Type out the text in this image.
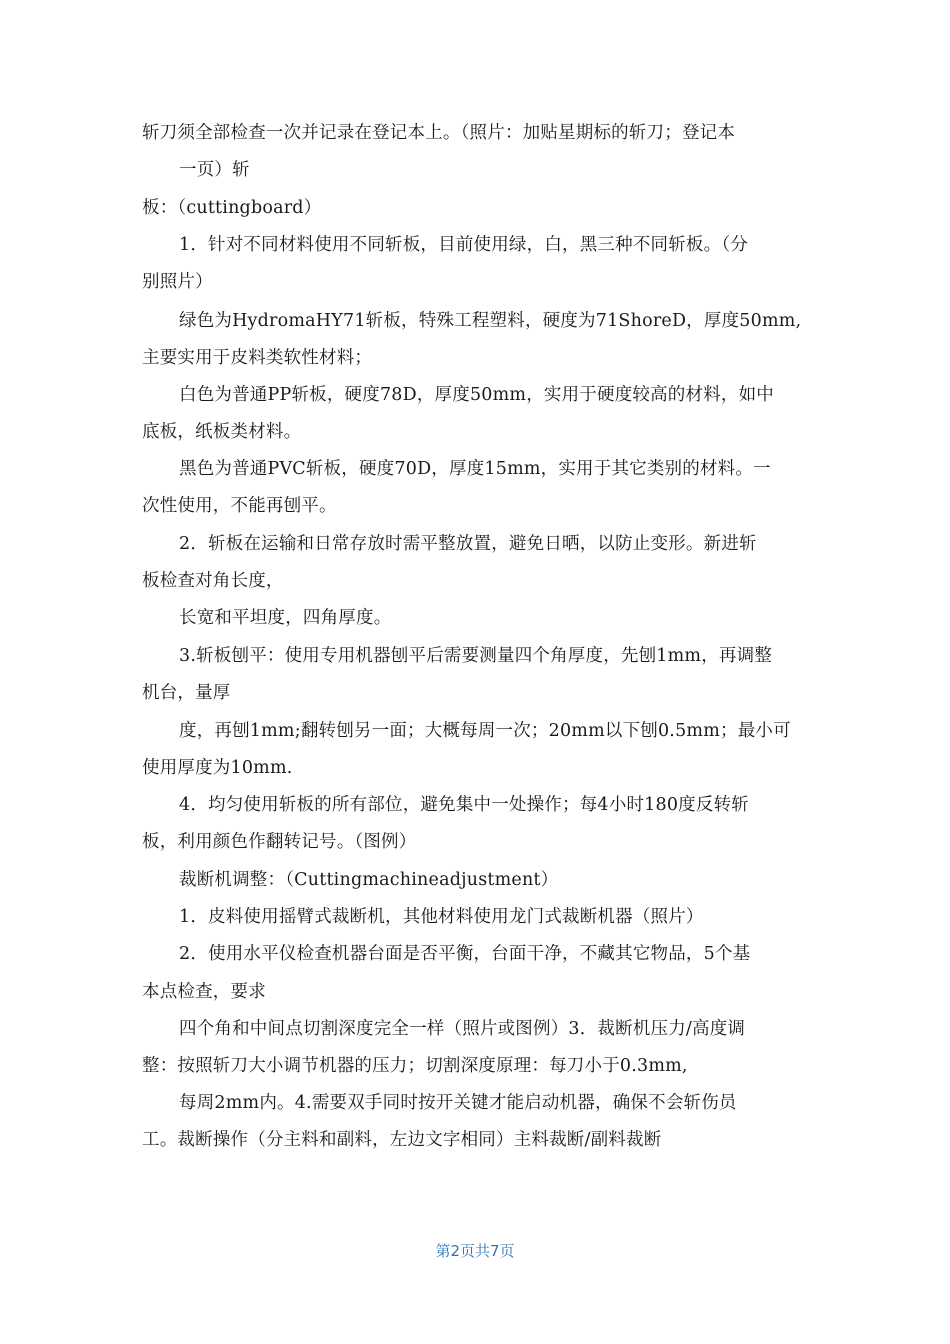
斩刀须全部检查一次并记录在登记本上。（照片：加贴星期标的斩刀；登记本
一页）斩
板：（cuttingboard）
1．针对不同材料使用不同斩板，目前使用绿，白，黑三种不同斩板。（分
别照片）
绿色为HydromaHY71斩板，特殊工程塑料，硬度为71ShoreD，厚度50mm,
主要实用于皮料类软性材料；
白色为普通PP斩板，硬度78D，厚度50mm，实用于硬度较高的材料，如中
底板，纸板类材料。
黑色为普通PVC斩板，硬度70D，厚度15mm，实用于其它类别的材料。一
次性使用，不能再刨平。
2．斩板在运输和日常存放时需平整放置，避免日晒，以防止变形。新进斩
板检查对角长度，
长宽和平坦度，四角厚度。
3.斩板刨平：使用专用机器刨平后需要测量四个角厚度，先刨1mm，再调整
机台，量厚
度，再刨1mm;翻转刨另一面；大概每周一次；20mm以下刨0.5mm；最小可
使用厚度为10mm.
4．均匀使用斩板的所有部位，避免集中一处操作；每4小时180度反转斩
板，利用颜色作翻转记号。（图例）
裁断机调整：（Cuttingmachineadjustment）
1．皮料使用摇臂式裁断机，其他材料使用龙门式裁断机器（照片）
2．使用水平仪检查机器台面是否平衡，台面干净，不藏其它物品，5个基
本点检查，要求
四个角和中间点切割深度完全一样（照片或图例）3．裁断机压力/高度调
整：按照斩刀大小调节机器的压力；切割深度原理：每刀小于0.3mm,
每周2mm内。4.需要双手同时按开关键才能启动机器，确保不会斩伤员
工。裁断操作（分主料和副料，左边文字相同）主料裁断/副料裁断
第2页共7页
